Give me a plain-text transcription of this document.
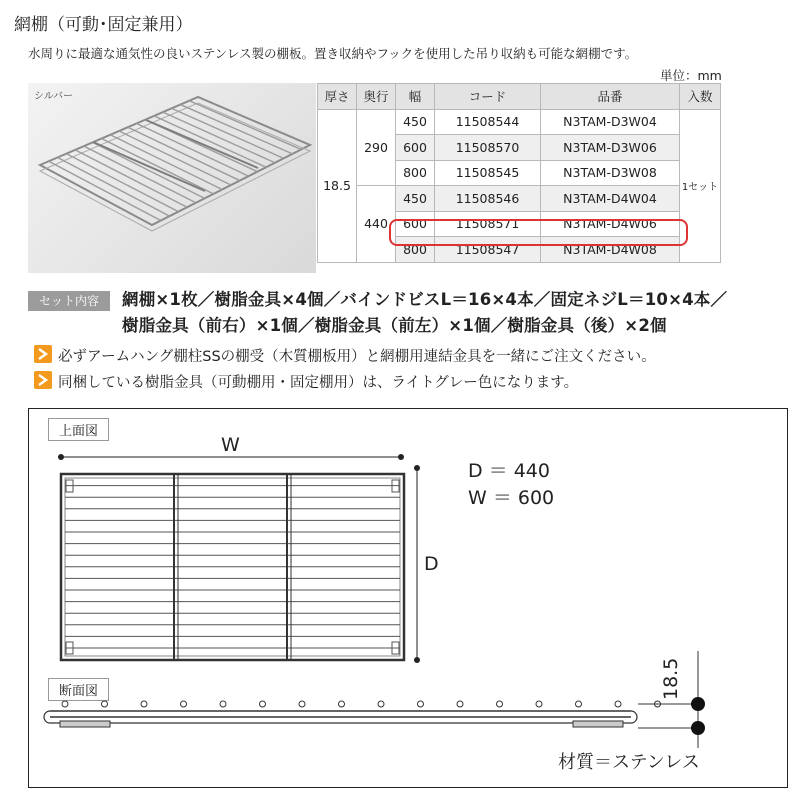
網棚（可動･固定兼用）
水周りに最適な通気性の良いステンレス製の棚板。置き収納やフックを使用した吊り収納も可能な網棚です。
単位：mm
シルバー	厚さ	奥行	幅	コード	品番	入数
18.5	290	450	11508544	N3TAM-D3W04	1セット
		600	11508570	N3TAM-D3W06	
		800	11508545	N3TAM-D3W08	
	440	450	11508546	N3TAM-D4W04	
		600	11508571	N3TAM-D4W06	
		800	11508547	N3TAM-D4W08	
セット内容	網棚×1枚／樹脂金具×4個／バインドビスL＝16×4本／固定ネジL＝10×4本／
樹脂金具（前右）×1個／樹脂金具（前左）×1個／樹脂金具（後）×2個
必ずアームハング棚柱SSの棚受（木質棚板用）と網棚用連結金具を一緒にご注文ください。
同梱している樹脂金具（可動棚用・固定棚用）は、ライトグレー色になります。
上面図
断面図
W
D
D ＝ 440
W ＝ 600
18.5
材質＝ステンレス
